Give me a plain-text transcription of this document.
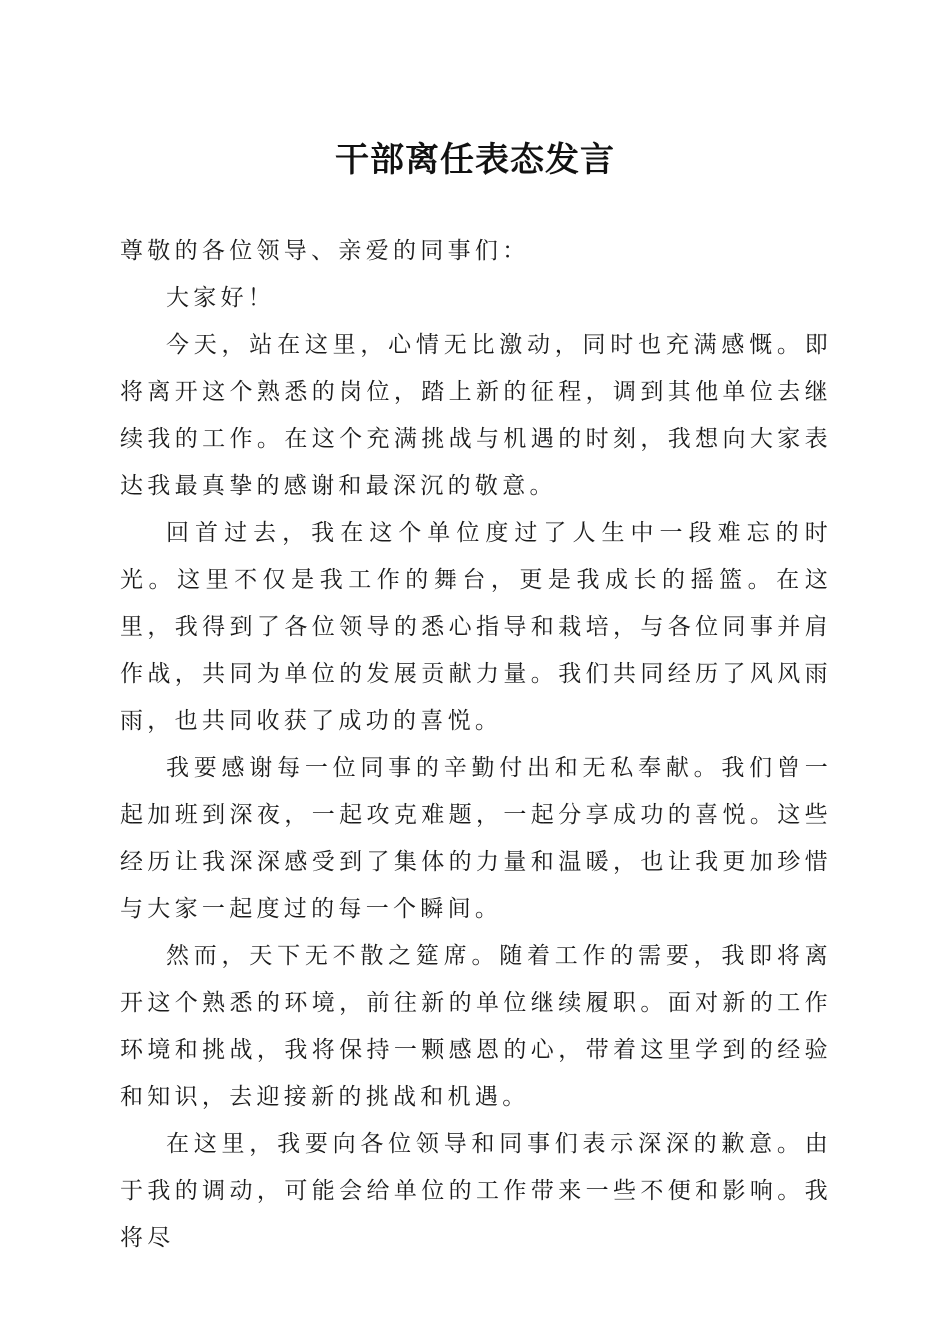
干部离任表态发言

尊敬的各位领导、亲爱的同事们：

大家好！

今天，站在这里，心情无比激动，同时也充满感慨。即将离开这个熟悉的岗位，踏上新的征程，调到其他单位去继续我的工作。在这个充满挑战与机遇的时刻，我想向大家表达我最真挚的感谢和最深沉的敬意。

回首过去，我在这个单位度过了人生中一段难忘的时光。这里不仅是我工作的舞台，更是我成长的摇篮。在这里，我得到了各位领导的悉心指导和栽培，与各位同事并肩作战，共同为单位的发展贡献力量。我们共同经历了风风雨雨，也共同收获了成功的喜悦。

我要感谢每一位同事的辛勤付出和无私奉献。我们曾一起加班到深夜，一起攻克难题，一起分享成功的喜悦。这些经历让我深深感受到了集体的力量和温暖，也让我更加珍惜与大家一起度过的每一个瞬间。

然而，天下无不散之筵席。随着工作的需要，我即将离开这个熟悉的环境，前往新的单位继续履职。面对新的工作环境和挑战，我将保持一颗感恩的心，带着这里学到的经验和知识，去迎接新的挑战和机遇。

在这里，我要向各位领导和同事们表示深深的歉意。由于我的调动，可能会给单位的工作带来一些不便和影响。我将尽
